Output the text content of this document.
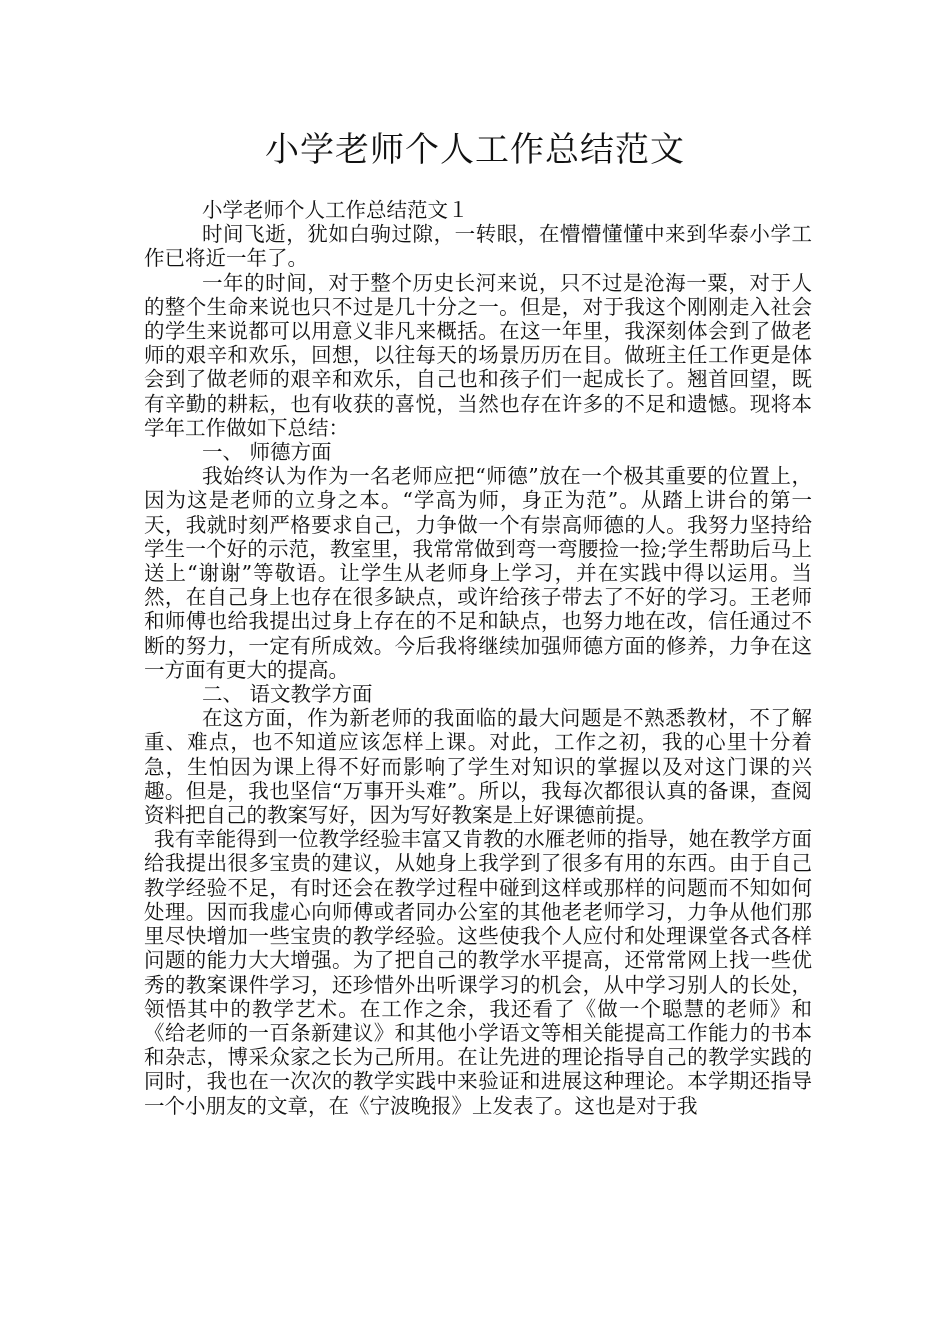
小学老师个人工作总结范文

小学老师个人工作总结范文１

时间飞逝，犹如白驹过隙，一转眼，在懵懵懂懂中来到华泰小学工作已将近一年了。

一年的时间，对于整个历史长河来说，只不过是沧海一粟，对于人的整个生命来说也只不过是几十分之一。但是，对于我这个刚刚走入社会的学生来说都可以用意义非凡来概括。在这一年里，我深刻体会到了做老师的艰辛和欢乐，回想，以往每天的场景历历在目。做班主任工作更是体会到了做老师的艰辛和欢乐，自己也和孩子们一起成长了。翘首回望，既有辛勤的耕耘，也有收获的喜悦，当然也存在许多的不足和遗憾。现将本学年工作做如下总结：

一、 师德方面

我始终认为作为一名老师应把“师德”放在一个极其重要的位置上，因为这是老师的立身之本。“学高为师，身正为范”。从踏上讲台的第一天，我就时刻严格要求自己，力争做一个有崇高师德的人。我努力坚持给学生一个好的示范，教室里，我常常做到弯一弯腰捡一捡;学生帮助后马上送上“谢谢”等敬语。让学生从老师身上学习，并在实践中得以运用。当然，在自己身上也存在很多缺点，或许给孩子带去了不好的学习。王老师和师傅也给我提出过身上存在的不足和缺点，也努力地在改，信任通过不断的努力，一定有所成效。今后我将继续加强师德方面的修养，力争在这一方面有更大的提高。

二、 语文教学方面

在这方面，作为新老师的我面临的最大问题是不熟悉教材，不了解重、难点，也不知道应该怎样上课。对此，工作之初，我的心里十分着急，生怕因为课上得不好而影响了学生对知识的掌握以及对这门课的兴趣。但是，我也坚信“万事开头难”。所以，我每次都很认真的备课，查阅资料把自己的教案写好，因为写好教案是上好课德前提。

我有幸能得到一位教学经验丰富又肯教的水雁老师的指导，她在教学方面给我提出很多宝贵的建议，从她身上我学到了很多有用的东西。由于自己教学经验不足，有时还会在教学过程中碰到这样或那样的问题而不知如何处理。因而我虚心向师傅或者同办公室的其他老老师学习，力争从他们那里尽快增加一些宝贵的教学经验。这些使我个人应付和处理课堂各式各样问题的能力大大增强。为了把自己的教学水平提高，还常常网上找一些优秀的教案课件学习，还珍惜外出听课学习的机会，从中学习别人的长处，领悟其中的教学艺术。在工作之余，我还看了《做一个聪慧的老师》和《给老师的一百条新建议》和其他小学语文等相关能提高工作能力的书本和杂志，博采众家之长为己所用。在让先进的理论指导自己的教学实践的同时，我也在一次次的教学实践中来验证和进展这种理论。本学期还指导一个小朋友的文章，在《宁波晚报》上发表了。这也是对于我
